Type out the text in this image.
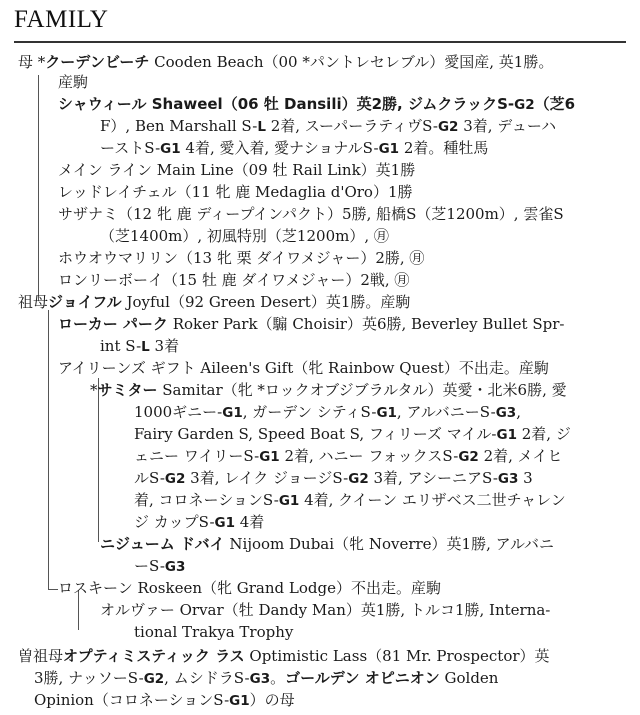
FAMILY
母 *クーデンビーチ Cooden Beach（00 *パントレセレブル）愛国産, 英1勝。
産駒
シャウィール Shaweel（06 牡 Dansili）英2勝, ジムクラックS-G2（芝6
F）, Ben Marshall S-L 2着, スーパーラティヴS-G2 3着, デューハ
ーストS-G1 4着, 愛入着, 愛ナショナルS-G1 2着。種牡馬
メイン ライン Main Line（09 牡 Rail Link）英1勝
レッドレイチェル（11 牝 鹿 Medaglia d'Oro）1勝
サザナミ（12 牝 鹿 ディープインパクト）5勝, 船橋S（芝1200m）, 雲雀S
（芝1400m）, 初風特別（芝1200m）, ㊊
ホウオウマリリン（13 牝 栗 ダイワメジャー）2勝, ㊊
ロンリーボーイ（15 牡 鹿 ダイワメジャー）2戦, ㊊
祖母ジョイフル Joyful（92 Green Desert）英1勝。産駒
ローカー パーク Roker Park（騸 Choisir）英6勝, Beverley Bullet Spr-
int S-L 3着
アイリーンズ ギフト Aileen's Gift（牝 Rainbow Quest）不出走。産駒
*サミター Samitar（牝 *ロックオブジブラルタル）英愛・北米6勝, 愛
1000ギニー-G1, ガーデン シティS-G1, アルバニーS-G3,
Fairy Garden S, Speed Boat S, フィリーズ マイル-G1 2着, ジ
ェニー ワイリーS-G1 2着, ハニー フォックスS-G2 2着, メイヒ
ルS-G2 3着, レイク ジョージS-G2 3着, アシーニアS-G3 3
着, コロネーションS-G1 4着, クイーン エリザベス二世チャレン
ジ カップS-G1 4着
ニジューム ドバイ Nijoom Dubai（牝 Noverre）英1勝, アルバニ
ーS-G3
ロスキーン Roskeen（牝 Grand Lodge）不出走。産駒
オルヴァー Orvar（牡 Dandy Man）英1勝, トルコ1勝, Interna-
tional Trakya Trophy
曽祖母オプティミスティック ラス Optimistic Lass（81 Mr. Prospector）英
3勝, ナッソーS-G2, ムシドラS-G3。ゴールデン オピニオン Golden
Opinion（コロネーションS-G1）の母
